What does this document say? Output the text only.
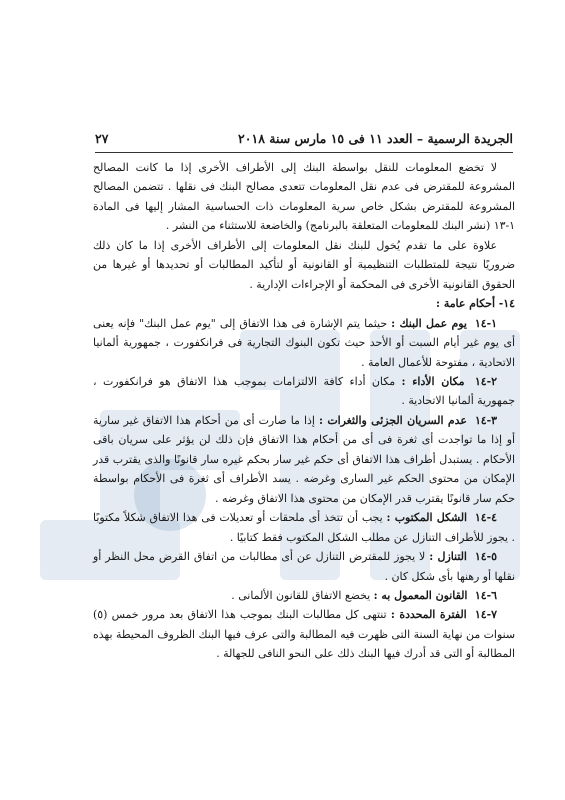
الجريدة الرسمية – العدد ١١ فى ١٥ مارس سنة ٢٠١٨
٢٧

لا تخضع المعلومات للنقل بواسطة البنك إلى الأطراف الأخرى إذا ما كانت المصالح المشروعة للمقترض فى عدم نقل المعلومات تتعدى مصالح البنك فى نقلها . تتضمن المصالح المشروعة للمقترض بشكل خاص سرية المعلومات ذات الحساسية المشار إليها فى المادة ١-١٣ (نشر البنك للمعلومات المتعلقة بالبرنامج) والخاضعة للاستثناء من النشر .

علاوة على ما تقدم يُخول للبنك نقل المعلومات إلى الأطراف الأخرى إذا ما كان ذلك ضروريًا نتيجة للمتطلبات التنظيمية أو القانونية أو لتأكيد المطالبات أو تحديدها أو غيرها من الحقوق القانونية الأخرى فى المحكمة أو الإجراءات الإدارية .

١٤- أحكام عامة :

١-١٤ يوم عمل البنك : حيثما يتم الإشارة فى هذا الاتفاق إلى "يوم عمل البنك" فإنه يعنى أى يوم غير أيام السبت أو الأحد حيث تكون البنوك التجارية فى فرانكفورت ، جمهورية ألمانيا الاتحادية ، مفتوحة للأعمال العامة .

٢-١٤ مكان الأداء : مكان أداء كافة الالتزامات بموجب هذا الاتفاق هو فرانكفورت ، جمهورية ألمانيا الاتحادية .

٣-١٤ عدم السريان الجزئى والثغرات : إذا ما صارت أى من أحكام هذا الاتفاق غير سارية أو إذا ما تواجدت أى ثغرة فى أى من أحكام هذا الاتفاق فإن ذلك لن يؤثر على سريان باقى الأحكام . يستبدل أطراف هذا الاتفاق أى حكم غير سار بحكم غيره سار قانونًا والذى يقترب قدر الإمكان من محتوى الحكم غير السارى وغرضه . يسد الأطراف أى ثغرة فى الأحكام بواسطة حكم سار قانونًا يقترب قدر الإمكان من محتوى هذا الاتفاق وغرضه .

٤-١٤ الشكل المكتوب : يجب أن تتخذ أى ملحقات أو تعديلات فى هذا الاتفاق شكلاً مكتوبًا . يجوز للأطراف التنازل عن مطلب الشكل المكتوب فقط كتابيًا .

٥-١٤ التنازل : لا يجوز للمقترض التنازل عن أى مطالبات من اتفاق القرض محل النظر أو نقلها أو رهنها بأى شكل كان .

٦-١٤ القانون المعمول به : يخضع الاتفاق للقانون الألمانى .

٧-١٤ الفترة المحددة : تنتهى كل مطالبات البنك بموجب هذا الاتفاق بعد مرور خمس (٥) سنوات من نهاية السنة التى ظهرت فيه المطالبة والتى عرف فيها البنك الظروف المحيطة بهذه المطالبة أو التى قد أدرك فيها البنك ذلك على النحو النافى للجهالة .
